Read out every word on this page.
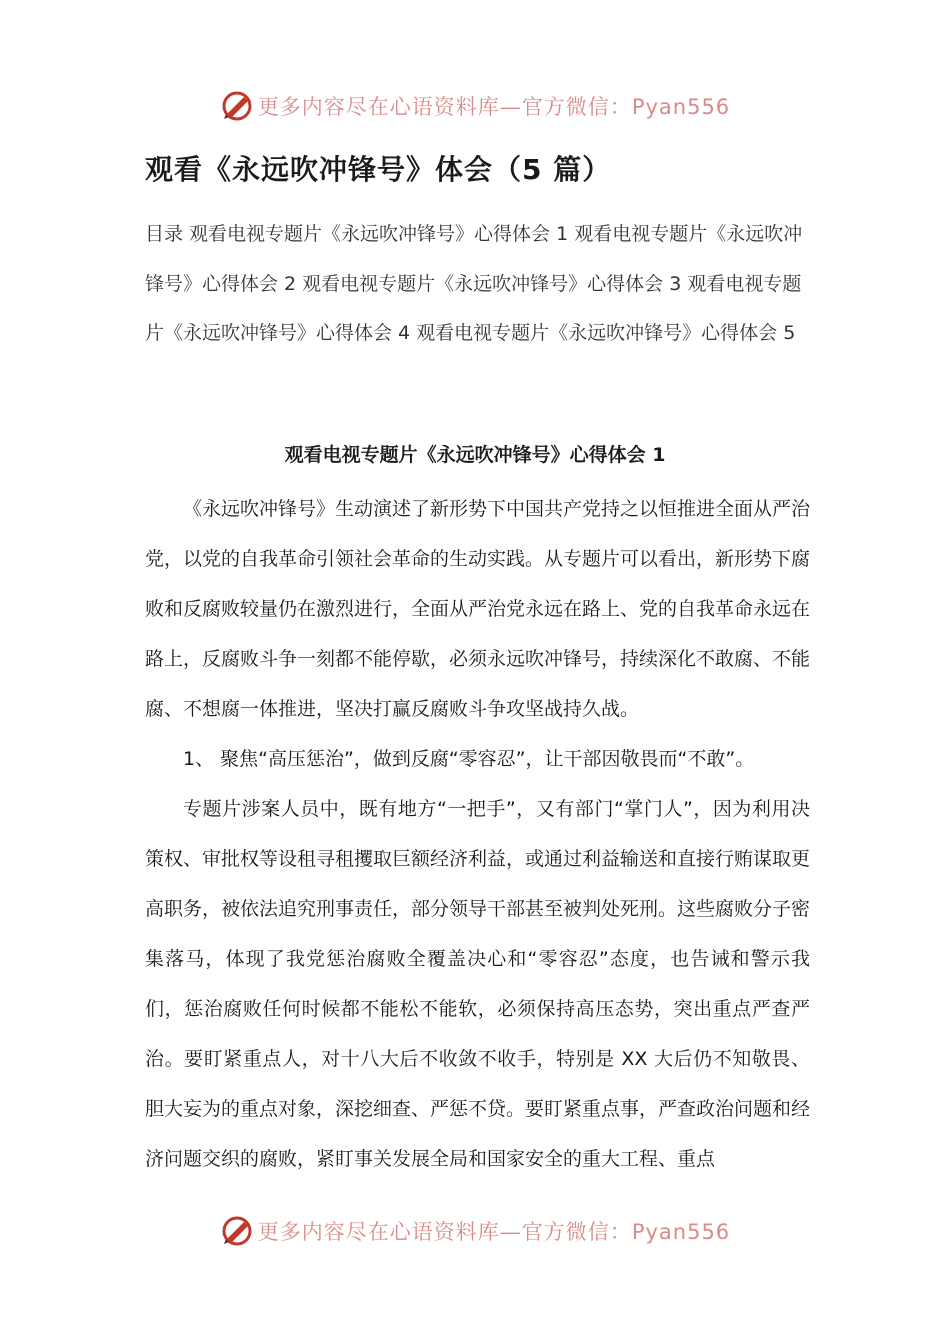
更多内容尽在心语资料库—官方微信：Pyan556
观看《永远吹冲锋号》体会（5 篇）

目录 观看电视专题片《永远吹冲锋号》心得体会 1 观看电视专题片《永远吹冲锋号》心得体会 2 观看电视专题片《永远吹冲锋号》心得体会 3 观看电视专题片《永远吹冲锋号》心得体会 4 观看电视专题片《永远吹冲锋号》心得体会 5

观看电视专题片《永远吹冲锋号》心得体会 1

《永远吹冲锋号》生动演述了新形势下中国共产党持之以恒推进全面从严治党，以党的自我革命引领社会革命的生动实践。从专题片可以看出，新形势下腐败和反腐败较量仍在激烈进行，全面从严治党永远在路上、党的自我革命永远在路上，反腐败斗争一刻都不能停歇，必须永远吹冲锋号，持续深化不敢腐、不能腐、不想腐一体推进，坚决打赢反腐败斗争攻坚战持久战。

1、 聚焦“高压惩治”，做到反腐“零容忍”，让干部因敬畏而“不敢”。

专题片涉案人员中，既有地方“一把手”，又有部门“掌门人”，因为利用决策权、审批权等设租寻租攫取巨额经济利益，或通过利益输送和直接行贿谋取更高职务，被依法追究刑事责任，部分领导干部甚至被判处死刑。这些腐败分子密集落马，体现了我党惩治腐败全覆盖决心和“零容忍”态度，也告诫和警示我们，惩治腐败任何时候都不能松不能软，必须保持高压态势，突出重点严查严治。要盯紧重点人，对十八大后不收敛不收手，特别是 XX 大后仍不知敬畏、胆大妄为的重点对象，深挖细查、严惩不贷。要盯紧重点事，严查政治问题和经济问题交织的腐败，紧盯事关发展全局和国家安全的重大工程、重点

更多内容尽在心语资料库—官方微信：Pyan556
